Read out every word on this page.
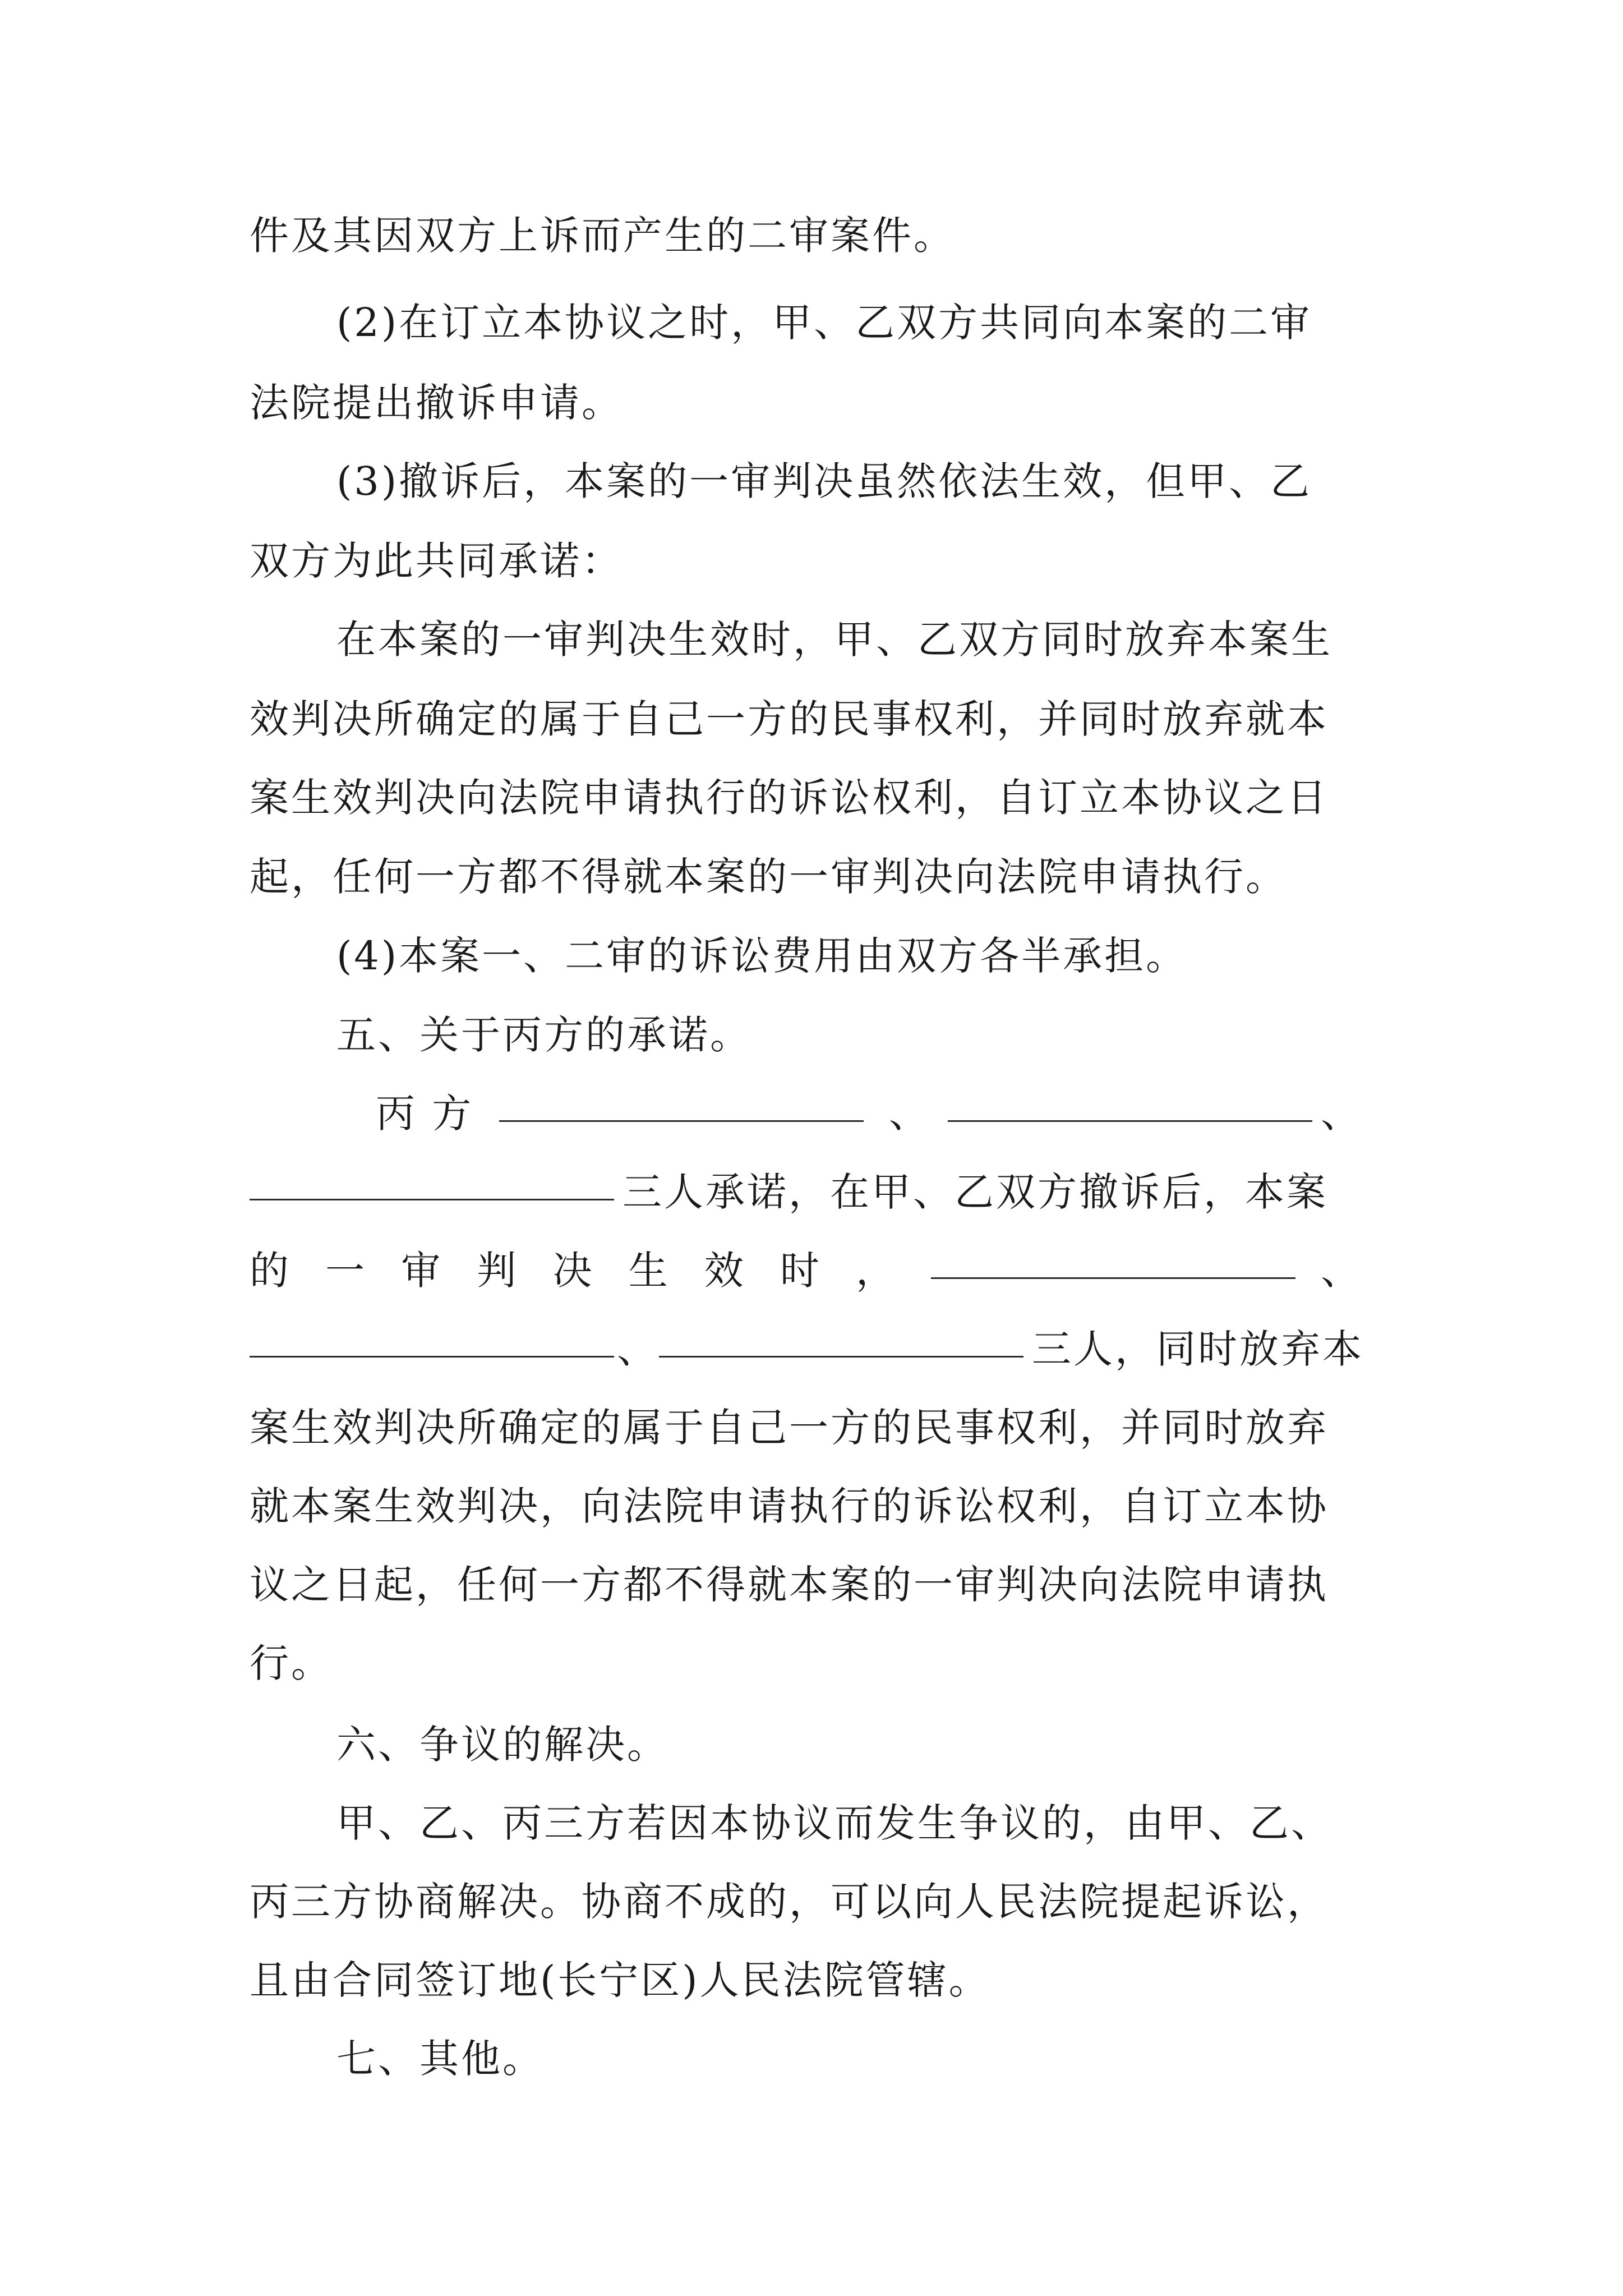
件及其因双方上诉而产生的二审案件。
(2)在订立本协议之时，甲、乙双方共同向本案的二审
法院提出撤诉申请。
(3)撤诉后，本案的一审判决虽然依法生效，但甲、乙
双方为此共同承诺：
在本案的一审判决生效时，甲、乙双方同时放弃本案生
效判决所确定的属于自己一方的民事权利，并同时放弃就本
案生效判决向法院申请执行的诉讼权利，自订立本协议之日
起，任何一方都不得就本案的一审判决向法院申请执行。
(4)本案一、二审的诉讼费用由双方各半承担。
五、关于丙方的承诺。
丙 方	、	、
三人承诺，在甲、乙双方撤诉后，本案
的 一 审 判 决 生 效 时 ，	、
、	三人，同时放弃本
案生效判决所确定的属于自己一方的民事权利，并同时放弃
就本案生效判决，向法院申请执行的诉讼权利，自订立本协
议之日起，任何一方都不得就本案的一审判决向法院申请执
行。
六、争议的解决。
甲、乙、丙三方若因本协议而发生争议的，由甲、乙、
丙三方协商解决。协商不成的，可以向人民法院提起诉讼，
且由合同签订地(长宁区)人民法院管辖。
七、其他。
